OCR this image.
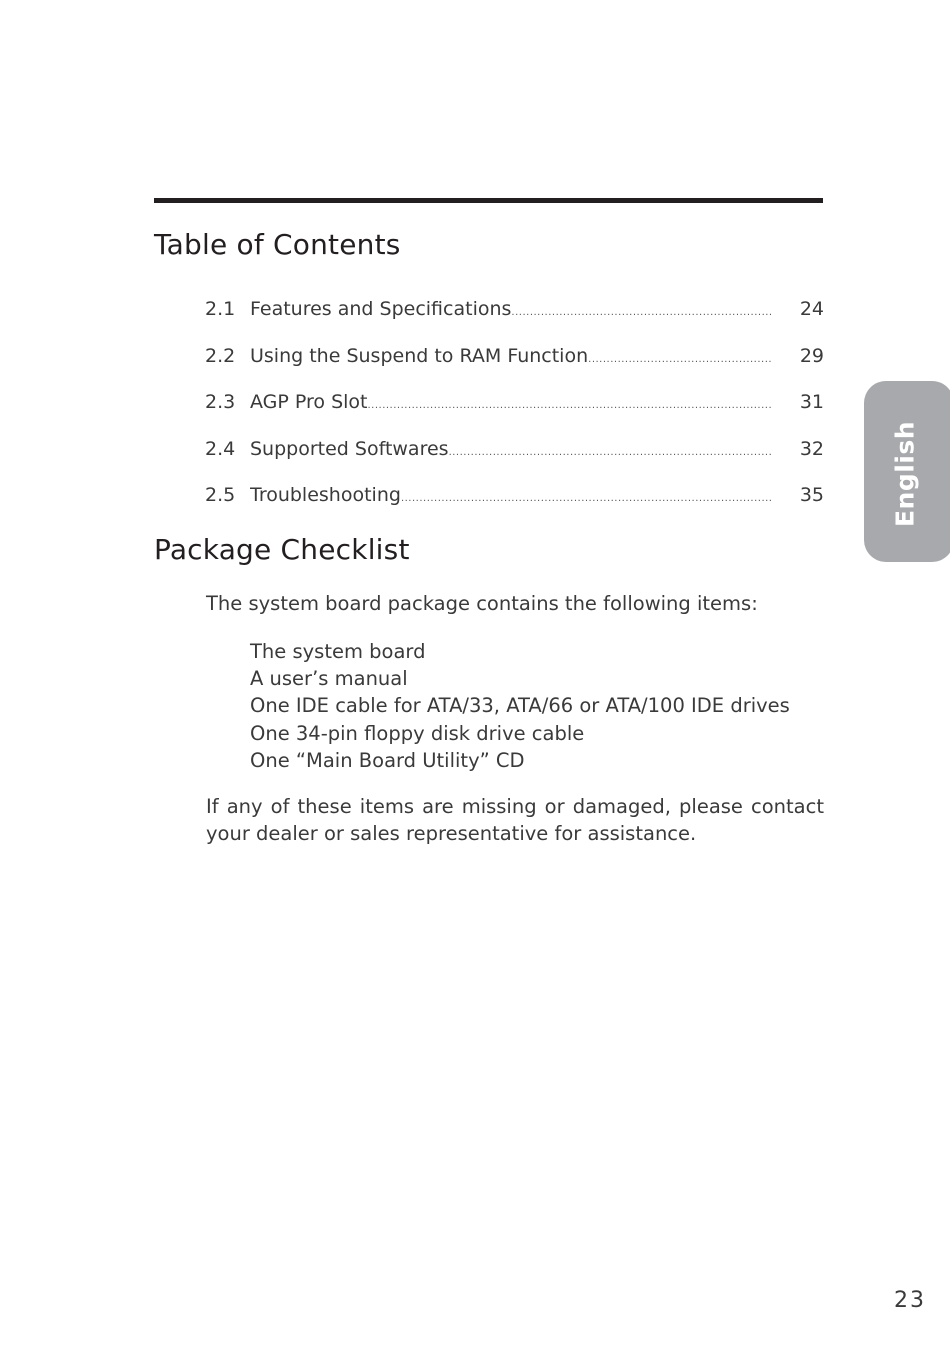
Table of Contents
2.1 Features and Specifications .....	24
2.2 Using the Suspend to RAM Function .....	29
2.3 AGP Pro Slot .....	31
2.4 Supported Softwares .....	32
2.5 Troubleshooting .....	35
Package Checklist

The system board package contains the following items:

The system board
A user’s manual
One IDE cable for ATA/33, ATA/66 or ATA/100 IDE drives
One 34-pin floppy disk drive cable
One “Main Board Utility” CD

If any of these items are missing or damaged, please contact your dealer or sales representative for assistance.

English
23
